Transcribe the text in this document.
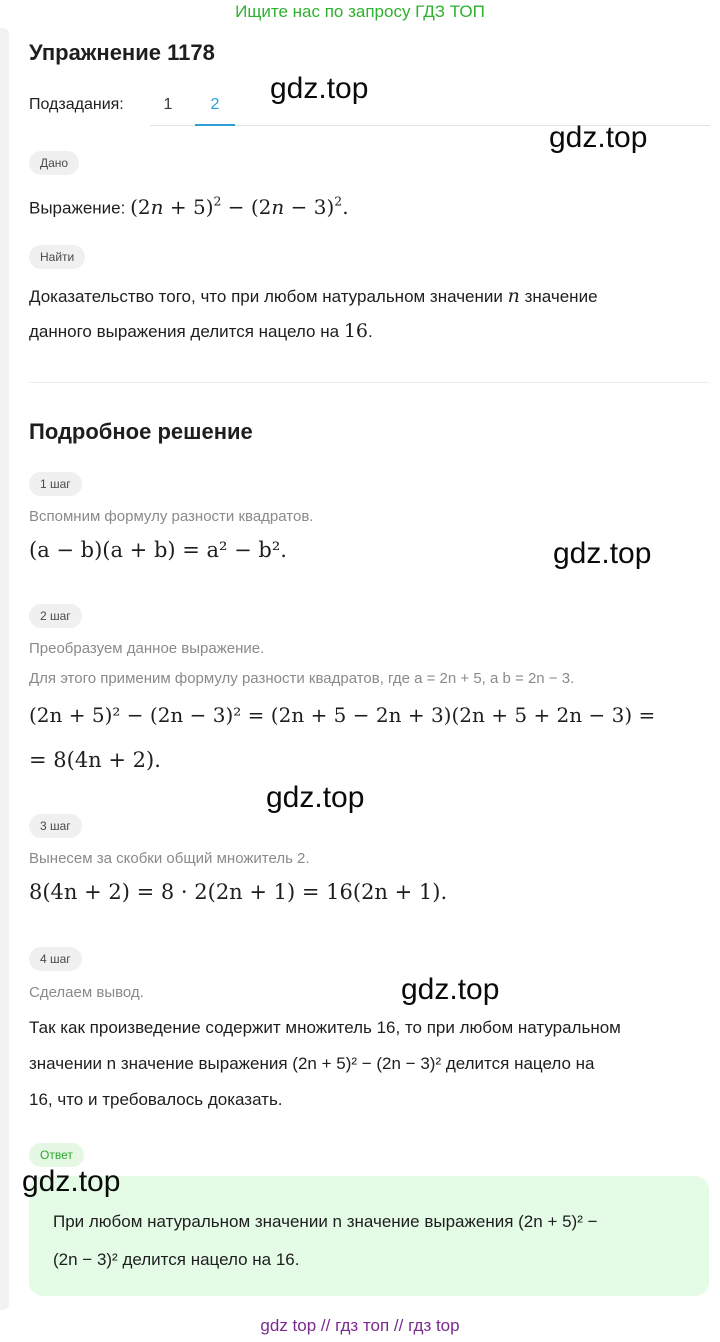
Ищите нас по запросу ГДЗ ТОП
Упражнение 1178
Подзадания:	1	2
Дано
Выражение: $(2n + 5)^2 - (2n - 3)^2$.
Найти
Доказательство того, что при любом натуральном значении n значение
данного выражения делится нацело на 16.
Подробное решение
1 шаг
Вспомним формулу разности квадратов.
(a − b)(a + b) = a² − b².
2 шаг
Преобразуем данное выражение.
Для этого применим формулу разности квадратов, где a = 2n + 5, a b = 2n − 3.
(2n + 5)² − (2n − 3)² = (2n + 5 − 2n + 3)(2n + 5 + 2n − 3) =
= 8(4n + 2).
3 шаг
Вынесем за скобки общий множитель 2.
8(4n + 2) = 8 · 2(2n + 1) = 16(2n + 1).
4 шаг
Сделаем вывод.
Так как произведение содержит множитель 16, то при любом натуральном
значении n значение выражения (2n + 5)² − (2n − 3)² делится нацело на
16, что и требовалось доказать.
Ответ
При любом натуральном значении n значение выражения (2n + 5)² −
(2n − 3)² делится нацело на 16.
gdz.top
gdz.top
gdz.top
gdz.top
gdz.top
gdz.top
gdz top // гдз топ // гдз top
